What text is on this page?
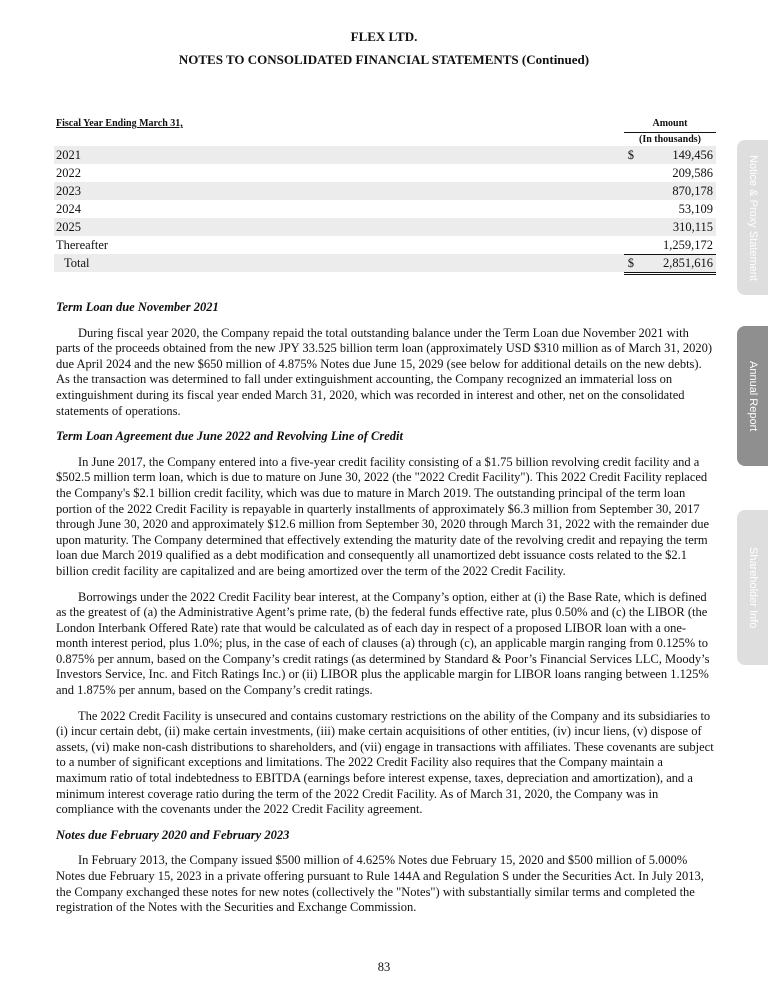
FLEX LTD.
NOTES TO CONSOLIDATED FINANCIAL STATEMENTS (Continued)
Fiscal Year Ending March 31,	Amount
(In thousands)
2021	$	149,456
2022	209,586
2023	870,178
2024	53,109
2025	310,115
Thereafter	1,259,172
Total	$ 2,851,616
Term Loan due November 2021

During fiscal year 2020, the Company repaid the total outstanding balance under the Term Loan due November 2021 with parts of the proceeds obtained from the new JPY 33.525 billion term loan (approximately USD $310 million as of March 31, 2020) due April 2024 and the new $650 million of 4.875% Notes due June 15, 2029 (see below for additional details on the new debts). As the transaction was determined to fall under extinguishment accounting, the Company recognized an immaterial loss on extinguishment during its fiscal year ended March 31, 2020, which was recorded in interest and other, net on the consolidated statements of operations.

Term Loan Agreement due June 2022 and Revolving Line of Credit

In June 2017, the Company entered into a five-year credit facility consisting of a $1.75 billion revolving credit facility and a $502.5 million term loan, which is due to mature on June 30, 2022 (the "2022 Credit Facility"). This 2022 Credit Facility replaced the Company's $2.1 billion credit facility, which was due to mature in March 2019. The outstanding principal of the term loan portion of the 2022 Credit Facility is repayable in quarterly installments of approximately $6.3 million from September 30, 2017 through June 30, 2020 and approximately $12.6 million from September 30, 2020 through March 31, 2022 with the remainder due upon maturity. The Company determined that effectively extending the maturity date of the revolving credit and repaying the term loan due March 2019 qualified as a debt modification and consequently all unamortized debt issuance costs related to the $2.1 billion credit facility are capitalized and are being amortized over the term of the 2022 Credit Facility.

Borrowings under the 2022 Credit Facility bear interest, at the Company’s option, either at (i) the Base Rate, which is defined as the greatest of (a) the Administrative Agent’s prime rate, (b) the federal funds effective rate, plus 0.50% and (c) the LIBOR (the London Interbank Offered Rate) rate that would be calculated as of each day in respect of a proposed LIBOR loan with a one-month interest period, plus 1.0%; plus, in the case of each of clauses (a) through (c), an applicable margin ranging from 0.125% to 0.875% per annum, based on the Company’s credit ratings (as determined by Standard & Poor’s Financial Services LLC, Moody’s Investors Service, Inc. and Fitch Ratings Inc.) or (ii) LIBOR plus the applicable margin for LIBOR loans ranging between 1.125% and 1.875% per annum, based on the Company’s credit ratings.

The 2022 Credit Facility is unsecured and contains customary restrictions on the ability of the Company and its subsidiaries to (i) incur certain debt, (ii) make certain investments, (iii) make certain acquisitions of other entities, (iv) incur liens, (v) dispose of assets, (vi) make non-cash distributions to shareholders, and (vii) engage in transactions with affiliates. These covenants are subject to a number of significant exceptions and limitations. The 2022 Credit Facility also requires that the Company maintain a maximum ratio of total indebtedness to EBITDA (earnings before interest expense, taxes, depreciation and amortization), and a minimum interest coverage ratio during the term of the 2022 Credit Facility. As of March 31, 2020, the Company was in compliance with the covenants under the 2022 Credit Facility agreement.

Notes due February 2020 and February 2023

In February 2013, the Company issued $500 million of 4.625% Notes due February 15, 2020 and $500 million of 5.000% Notes due February 15, 2023 in a private offering pursuant to Rule 144A and Regulation S under the Securities Act. In July 2013, the Company exchanged these notes for new notes (collectively the "Notes") with substantially similar terms and completed the registration of the Notes with the Securities and Exchange Commission.

83
Notice & Proxy Statement
Annual Report
Shareholder Info
